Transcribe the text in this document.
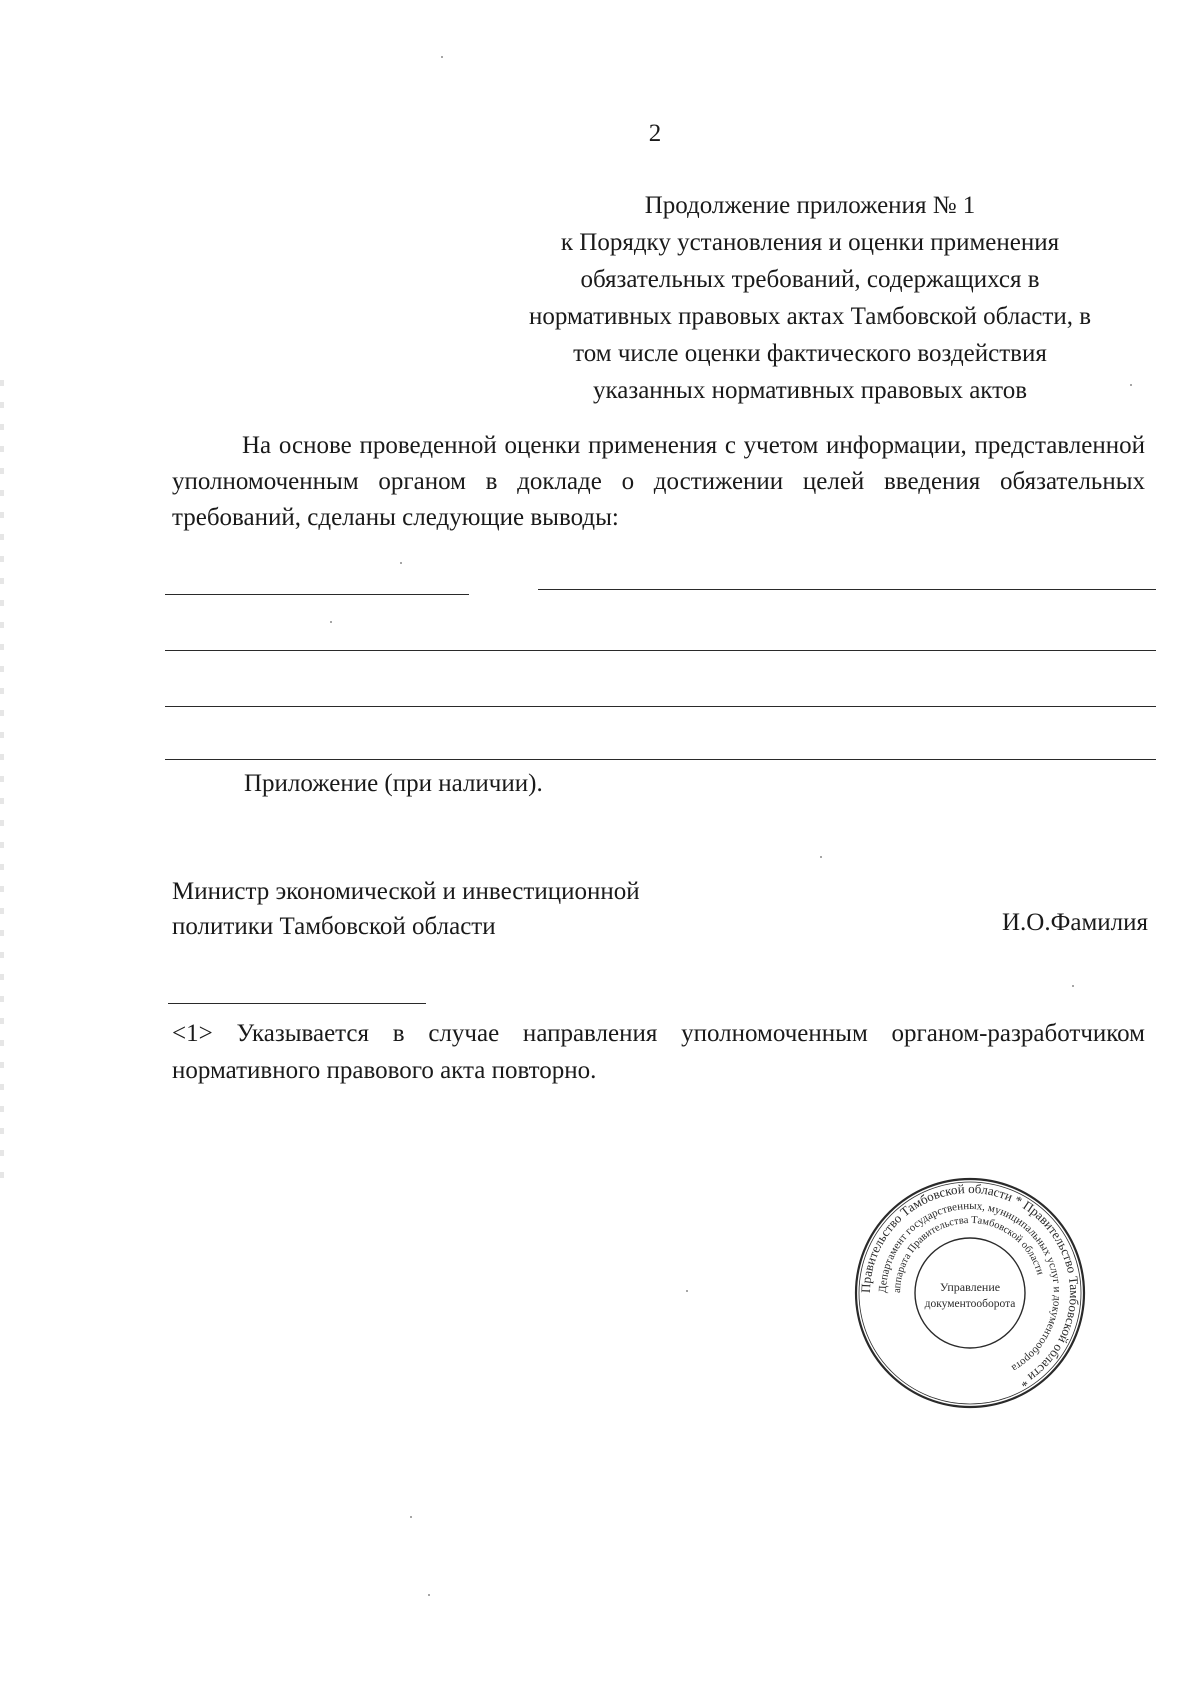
2
Продолжение приложения № 1
к Порядку установления и оценки применения
обязательных требований, содержащихся в
нормативных правовых актах Тамбовской области, в
том числе оценки фактического воздействия
указанных нормативных правовых актов
На основе проведенной оценки применения с учетом информации, представленной уполномоченным органом в докладе о достижении целей введения обязательных требований, сделаны следующие выводы:
Приложение (при наличии).
Министр экономической и инвестиционной
политики Тамбовской области	И.О.Фамилия
<1> Указывается в случае направления уполномоченным органом-разработчиком нормативного правового акта повторно.
Правительство Тамбовской области * Правительство Тамбовской области *
Департамент государственных, муниципальных услуг и документооборота
аппарата Правительства Тамбовской области
Управление
документооборота
